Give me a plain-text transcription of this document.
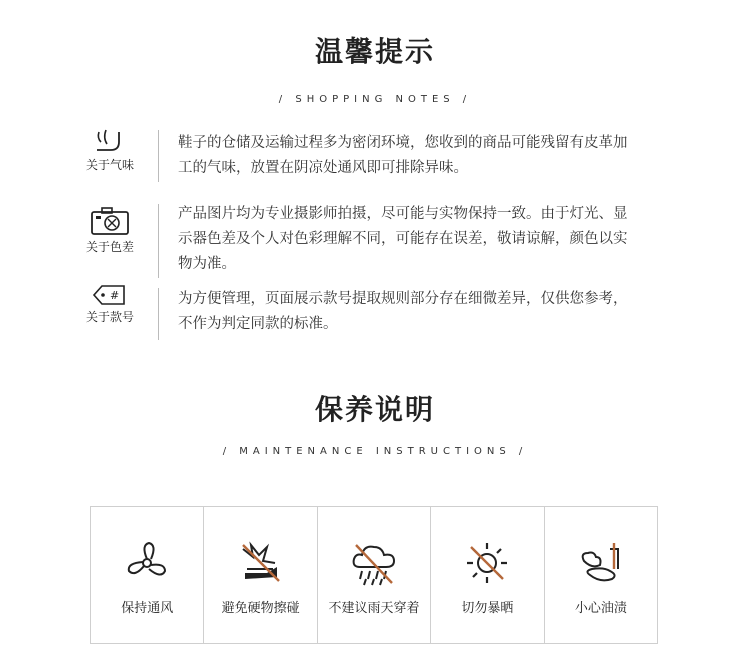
温馨提示
/ SHOPPING NOTES /
关于气味
鞋子的仓储及运输过程多为密闭环境，您收到的商品可能残留有皮革加
工的气味，放置在阴凉处通风即可排除异味。
关于色差
产品图片均为专业摄影师拍摄，尽可能与实物保持一致。由于灯光、显
示器色差及个人对色彩理解不同，可能存在误差，敬请谅解，颜色以实
物为准。
#
关于款号
为方便管理，页面展示款号提取规则部分存在细微差异，仅供您参考，
不作为判定同款的标准。
保养说明
/ MAINTENANCE INSTRUCTIONS /
保持通风	避免硬物擦碰	不建议雨天穿着	切勿暴晒	小心油渍
